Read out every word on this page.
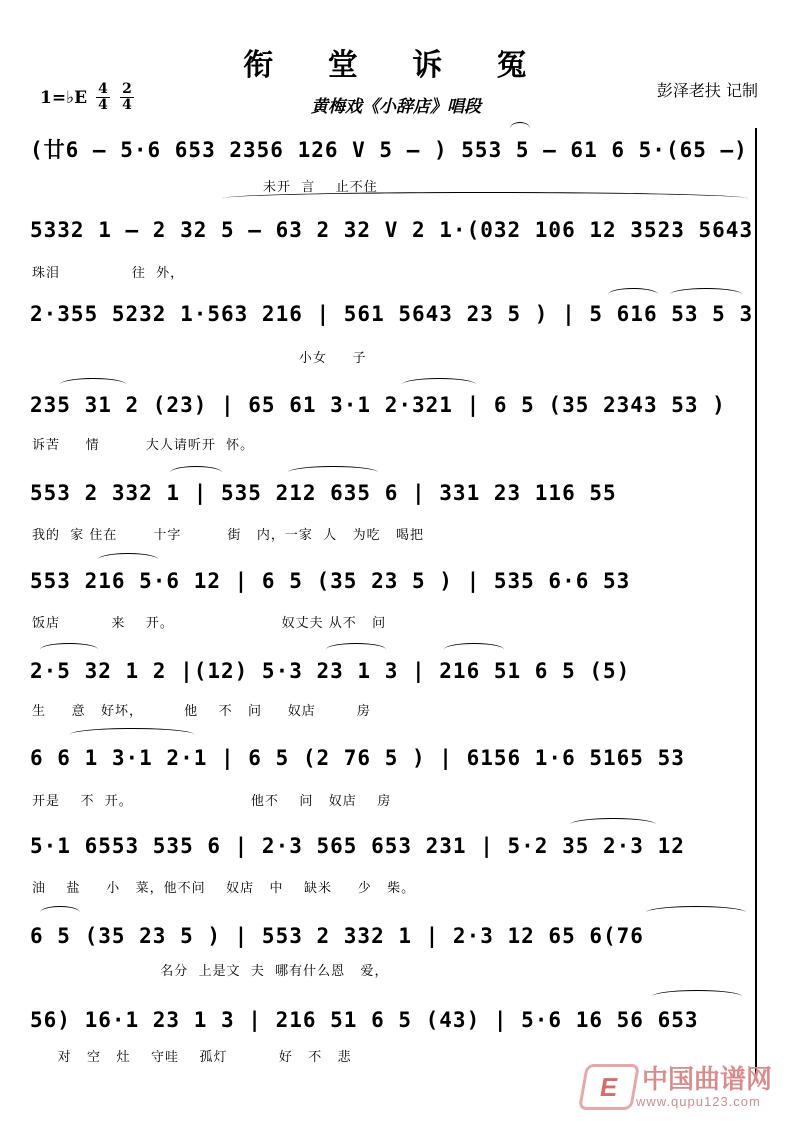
衔 堂 诉 冤
黄梅戏《小辞店》唱段
1=♭E 4
4
2
4
彭泽老扶 记制
(廿6 – 5·6 653 2356 126 V 5 – ) 553 5 – 61 6 5·(65 –)
未开  言    止不住
5332 1 – 2 32 5 – 63 2 32 V 2 1·(032 106 12 3523 5643
珠泪              往  外，
2·355 5232 1·563 216 | 561 5643 23 5 ) | 5 616 53 5 3
小女     子
235 31 2 (23) | 65 61 3·1 2·321 | 6 5 (35 2343 53 )
诉苦     情         大人请听开  怀。
553 2 332 1 | 535 212 635 6 | 331 23 116 55
我的  家 住在       十字         街   内，一家  人   为吃   喝把
553 216 5·6 12 | 6 5 (35 23 5 ) | 535 6·6 53
饭店          来    开。                     奴丈夫 从不   问
2·5 32 1 2 |(12) 5·3 23 1 3 | 216 51 6 5 (5)
生     意   好坏，        他    不   问     奴店        房
6 6 1 3·1 2·1 | 6 5 (2 76 5 ) | 6156 1·6 5165 53
开是    不  开。                       他不    问   奴店    房
5·1 6553 535 6 | 2·3 565 653 231 | 5·2 35 2·3 12
油    盐     小   菜，他不问    奴店   中    缺米     少   柴。
6 5 (35 23 5 ) | 553 2 332 1 | 2·3 12 65 6(76
名分  上是文  夫  哪有什么恩   爱，
56) 16·1 23 1 3 | 216 51 6 5 (43) | 5·6 16 56 653
对   空   灶    守哇    孤灯          好   不   悲
E 中国曲谱网
www.qupu123.com
